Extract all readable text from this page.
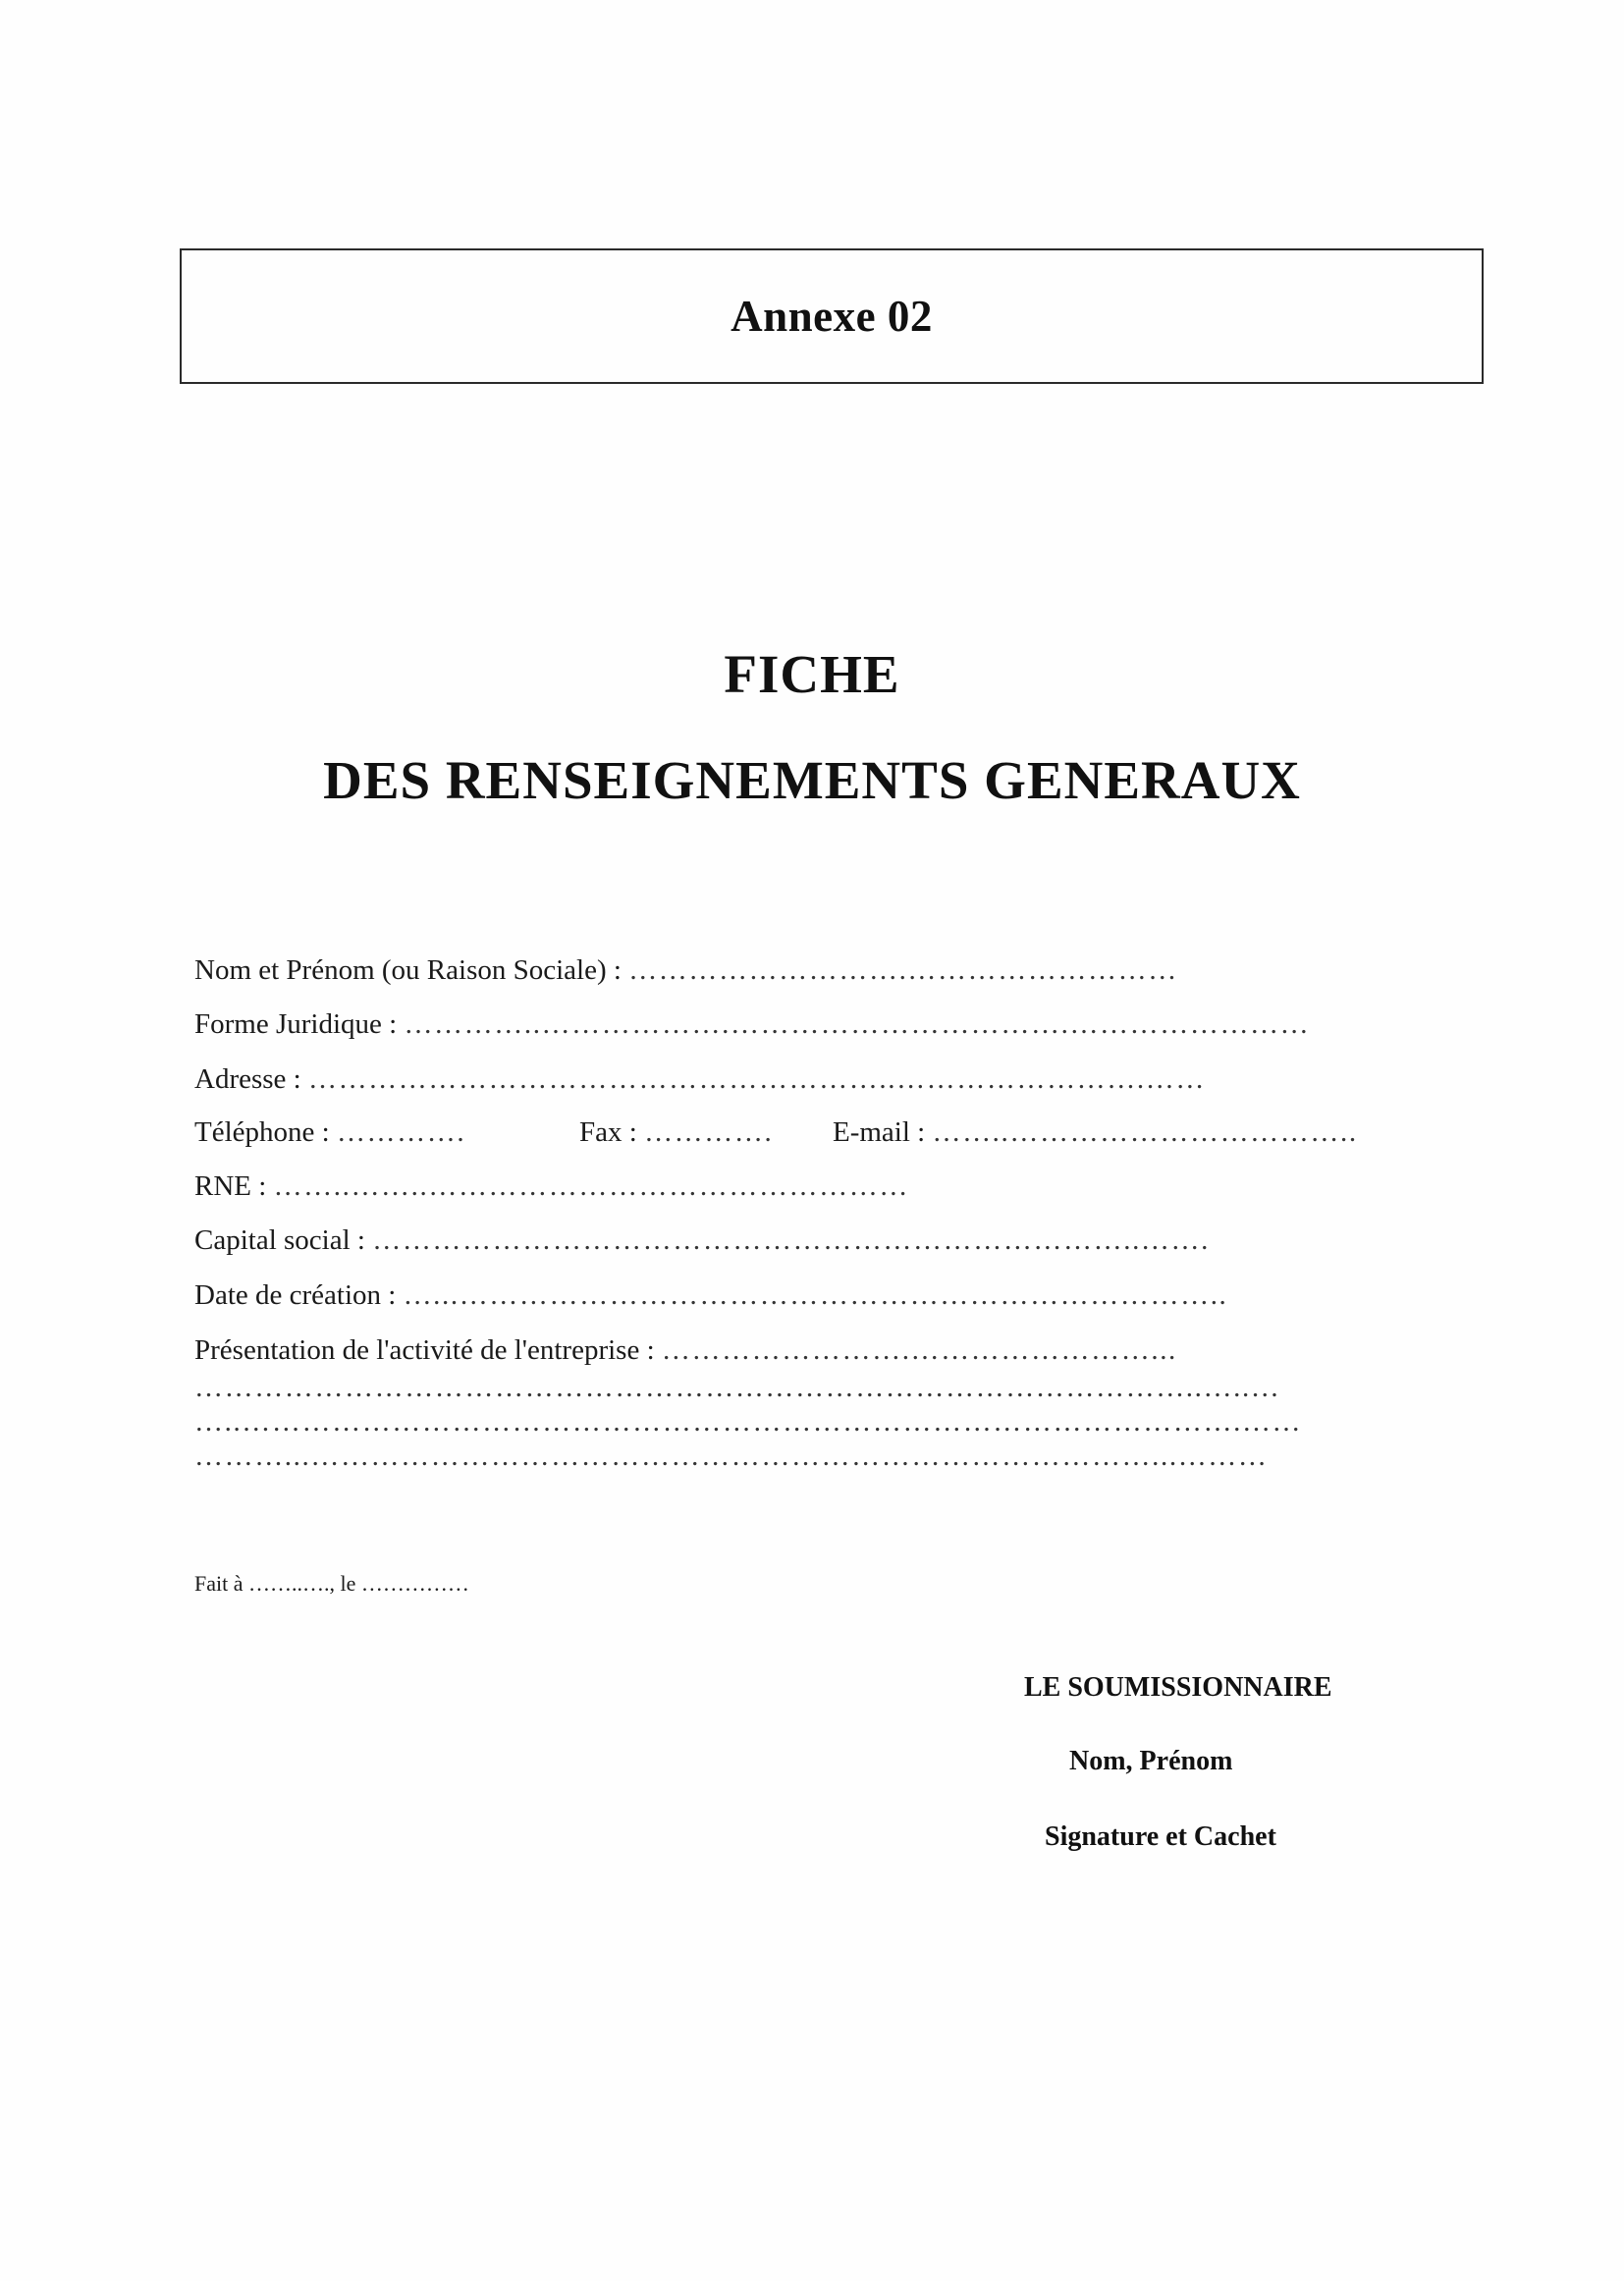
Annexe 02
FICHE
DES RENSEIGNEMENTS GENERAUX
Nom et Prénom (ou Raison Sociale) : ……………………….………………………
Forme Juridique : …………..……………….…………………………….……………………
Adresse : …………………………………………………..…………………….……
Téléphone : ………….	Fax : …………. E-mail : ……..……………………………..
RNE : ……..……..…………………………………………
Capital social : …………………………………………………………………..…….
Date de création : …...…………………………………………………………………..
Présentation de l'activité de l'entreprise : …………………….……………………...
………………………………………………………………………………………..…..…
…..……………………………………………………………………………………….……
………...…………………………………………………………………………...………
Fait à ……..…., le ……………
LE SOUMISSIONNAIRE
Nom, Prénom
Signature et Cachet
